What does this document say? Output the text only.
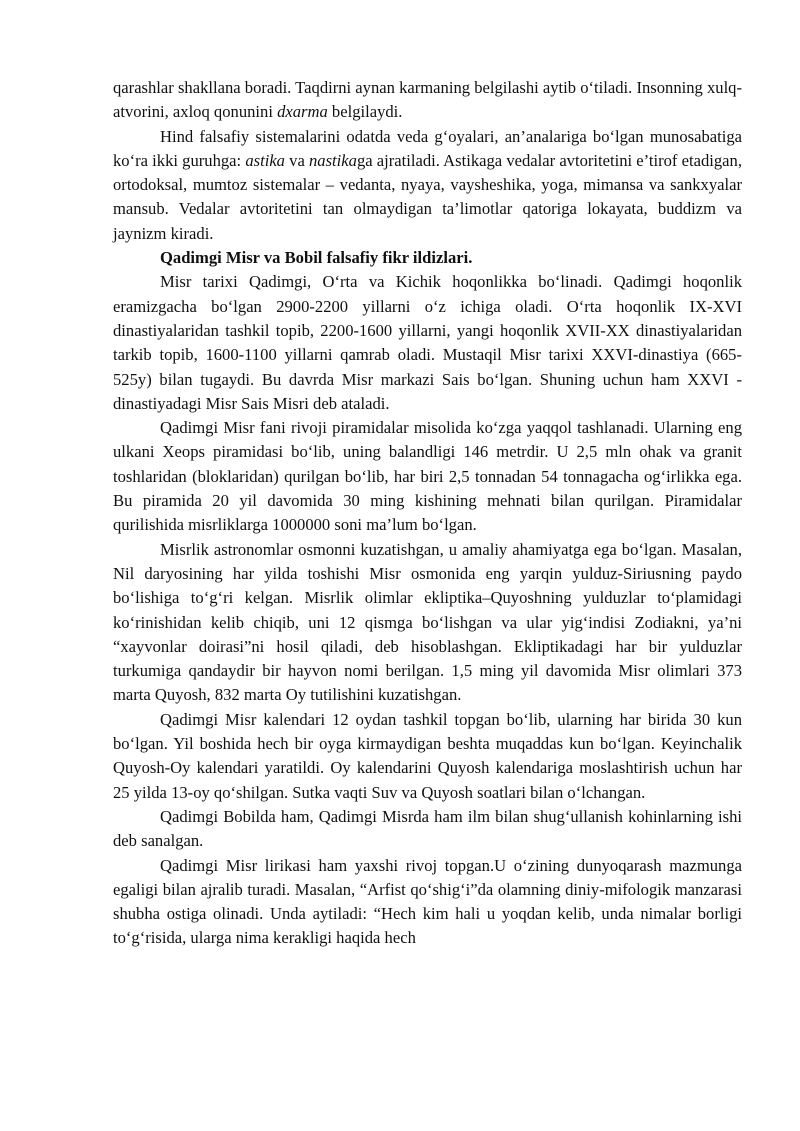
qarashlar shakllana boradi. Taqdirni aynan karmaning belgilashi aytib o‘tiladi. Insonning xulq-atvorini, axloq qonunini dxarma belgilaydi.

Hind falsafiy sistemalarini odatda veda g‘oyalari, an’analariga bo‘lgan munosabatiga ko‘ra ikki guruhga: astika va nastikaga ajratiladi. Astikaga vedalar avtoritetini e’tirof etadigan, ortodoksal, mumtoz sistemalar – vedanta, nyaya, vaysheshika, yoga, mimansa va sankxyalar mansub. Vedalar avtoritetini tan olmaydigan ta’limotlar qatoriga lokayata, buddizm va jaynizm kiradi.

Qadimgi Misr va Bobil falsafiy fikr ildizlari.

Misr tarixi Qadimgi, O‘rta va Kichik hoqonlikka bo‘linadi. Qadimgi hoqonlik eramizgacha bo‘lgan 2900-2200 yillarni o‘z ichiga oladi. O‘rta hoqonlik IX-XVI dinastiyalaridan tashkil topib, 2200-1600 yillarni, yangi hoqonlik XVII-XX dinastiyalaridan tarkib topib, 1600-1100 yillarni qamrab oladi. Mustaqil Misr tarixi XXVI-dinastiya (665-525y) bilan tugaydi. Bu davrda Misr markazi Sais bo‘lgan. Shuning uchun ham XXVI - dinastiyadagi Misr Sais Misri deb ataladi.

Qadimgi Misr fani rivoji piramidalar misolida ko‘zga yaqqol tashlanadi. Ularning eng ulkani Xeops piramidasi bo‘lib, uning balandligi 146 metrdir. U 2,5 mln ohak va granit toshlaridan (bloklaridan) qurilgan bo‘lib, har biri 2,5 tonnadan 54 tonnagacha og‘irlikka ega. Bu piramida 20 yil davomida 30 ming kishining mehnati bilan qurilgan. Piramidalar qurilishida misrliklarga 1000000 soni ma’lum bo‘lgan.

Misrlik astronomlar osmonni kuzatishgan, u amaliy ahamiyatga ega bo‘lgan. Masalan, Nil daryosining har yilda toshishi Misr osmonida eng yarqin yulduz-Siriusning paydo bo‘lishiga to‘g‘ri kelgan. Misrlik olimlar ekliptika–Quyoshning yulduzlar to‘plamidagi ko‘rinishidan kelib chiqib, uni 12 qismga bo‘lishgan va ular yig‘indisi Zodiakni, ya’ni “xayvonlar doirasi”ni hosil qiladi, deb hisoblashgan. Ekliptikadagi har bir yulduzlar turkumiga qandaydir bir hayvon nomi berilgan. 1,5 ming yil davomida Misr olimlari 373 marta Quyosh, 832 marta Oy tutilishini kuzatishgan.

Qadimgi Misr kalendari 12 oydan tashkil topgan bo‘lib, ularning har birida 30 kun bo‘lgan. Yil boshida hech bir oyga kirmaydigan beshta muqaddas kun bo‘lgan. Keyinchalik Quyosh-Oy kalendari yaratildi. Oy kalendarini Quyosh kalendariga moslashtirish uchun har 25 yilda 13-oy qo‘shilgan. Sutka vaqti Suv va Quyosh soatlari bilan o‘lchangan.

Qadimgi Bobilda ham, Qadimgi Misrda ham ilm bilan shug‘ullanish kohinlarning ishi deb sanalgan.

Qadimgi Misr lirikasi ham yaxshi rivoj topgan.U o‘zining dunyoqarash mazmunga egaligi bilan ajralib turadi. Masalan, “Arfist qo‘shig‘i”da olamning diniy-mifologik manzarasi shubha ostiga olinadi. Unda aytiladi: “Hech kim hali u yoqdan kelib, unda nimalar borligi to‘g‘risida, ularga nima kerakligi haqida hech
